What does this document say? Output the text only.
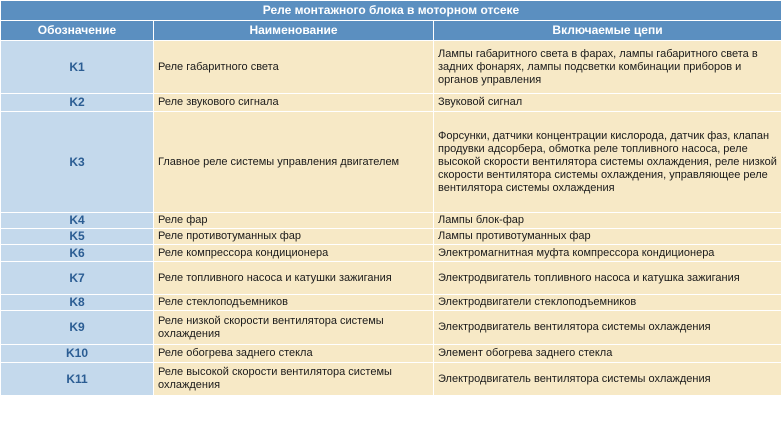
Реле монтажного блока в моторном отсеке		
Обозначение	Наименование	Включаемые цепи
K1	Реле габаритного света	Лампы габаритного света в фарах, лампы габаритного света в задних фонарях, лампы подсветки комбинации приборов и органов управления
K2	Реле звукового сигнала	Звуковой сигнал
K3	Главное реле системы управления двигателем	Форсунки, датчики концентрации кислорода, датчик фаз, клапан продувки адсорбера, обмотка реле топливного насоса, реле высокой скорости вентилятора системы охлаждения, реле низкой скорости вентилятора системы охлаждения, управляющее реле вентилятора системы охлаждения
K4	Реле фар	Лампы блок-фар
K5	Реле противотуманных фар	Лампы противотуманных фар
K6	Реле компрессора кондиционера	Электромагнитная муфта компрессора кондиционера
K7	Реле топливного насоса и катушки зажигания	Электродвигатель топливного насоса и катушка зажигания
K8	Реле стеклоподъемников	Электродвигатели стеклоподъемников
K9	Реле низкой скорости вентилятора системы охлаждения	Электродвигатель вентилятора системы охлаждения
K10	Реле обогрева заднего стекла	Элемент обогрева заднего стекла
K11	Реле высокой скорости вентилятора системы охлаждения	Электродвигатель вентилятора системы охлаждения
